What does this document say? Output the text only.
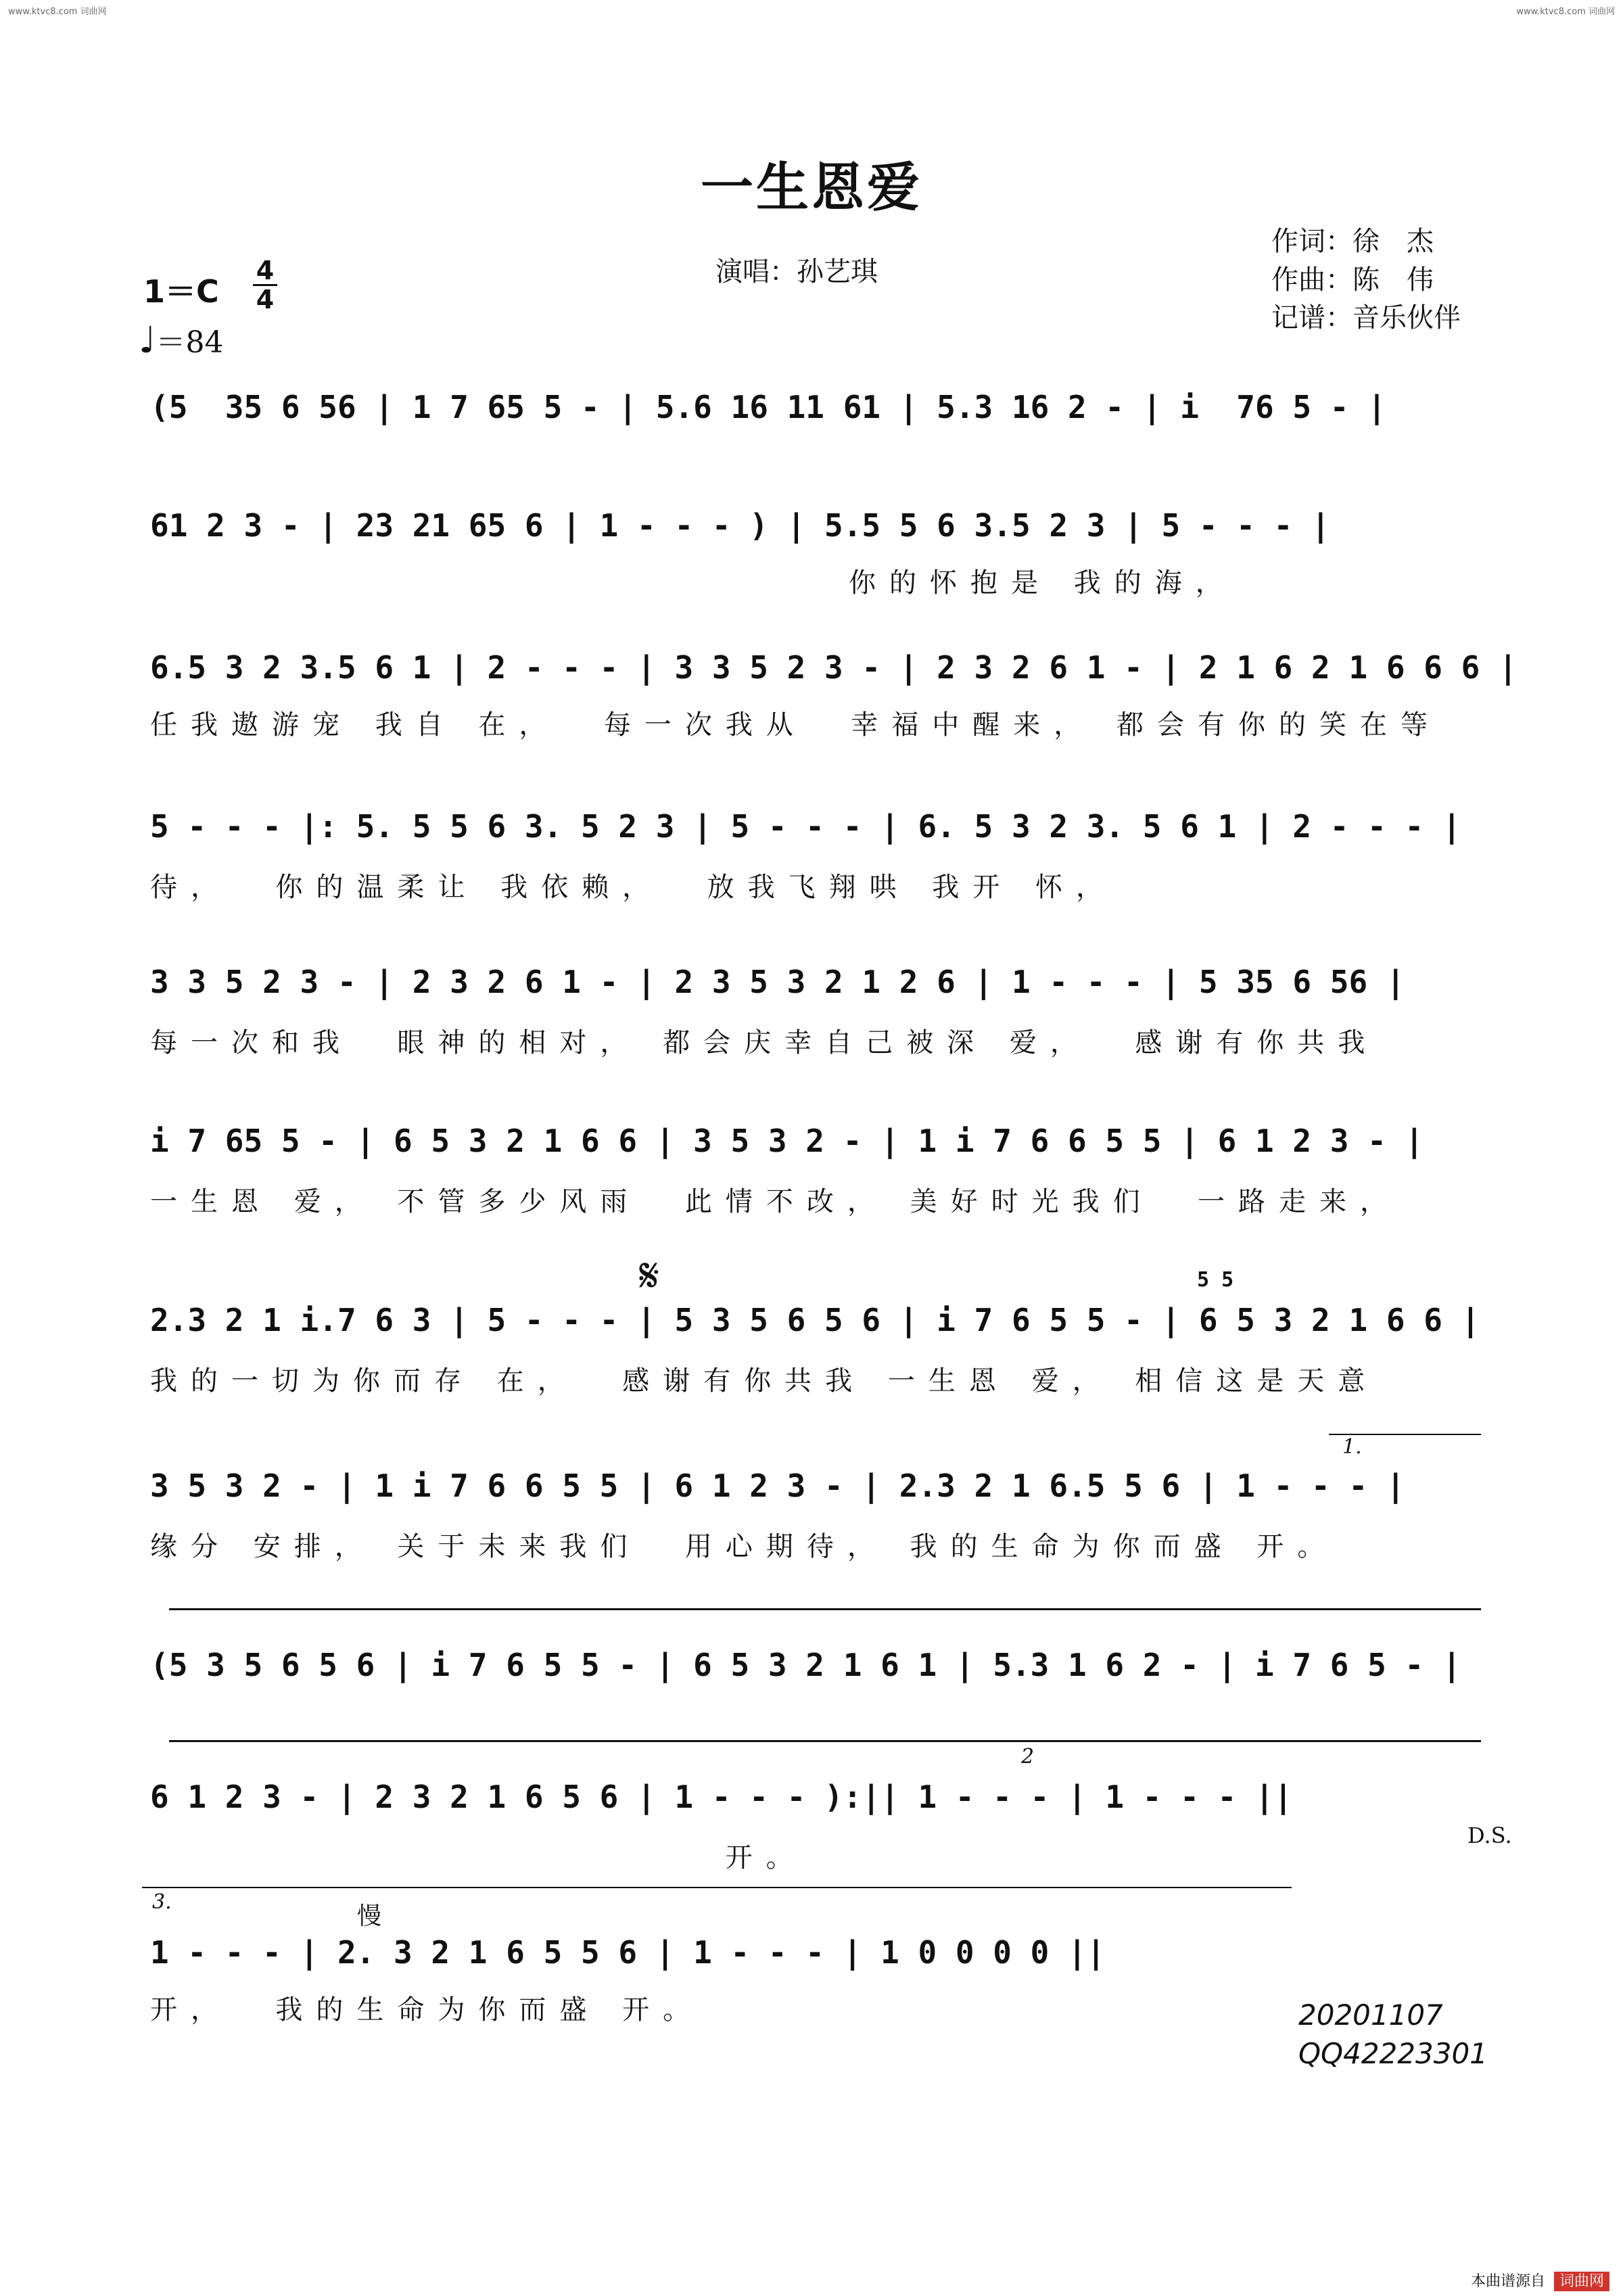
www.ktvc8.com 词曲网	www.ktvc8.com 词曲网
一生恩爱
演唱：孙艺琪
作词：徐　杰
作曲：陈　伟
记谱：音乐伙伴
1＝C
4
4
♩＝84
(5  35 6 56 | 1 7 65 5 - | 5.6 16 11 61 | 5.3 16 2 - | i  76 5 - |
61 2 3 - | 23 21 65 6 | 1 - - - ) | 5.5 5 6 3.5 2 3 | 5 - - - |
你的怀抱是 我的海，
6.5 3 2 3.5 6 1 | 2 - - - | 3 3 5 2 3 - | 2 3 2 6 1 - | 2 1 6 2 1 6 6 6 |
任我遨游宠 我自 在，  每一次我从  幸福中醒来， 都会有你的笑在等
5 - - - |: 5. 5 5 6 3. 5 2 3 | 5 - - - | 6. 5 3 2 3. 5 6 1 | 2 - - - |
待，  你的温柔让 我依赖，  放我飞翔哄 我开 怀，
3 3 5 2 3 - | 2 3 2 6 1 - | 2 3 5 3 2 1 2 6 | 1 - - - | 5 35 6 56 |
每一次和我  眼神的相对， 都会庆幸自己被深 爱，  感谢有你共我
i 7 65 5 - | 6 5 3 2 1 6 6 | 3 5 3 2 - | 1 i 7 6 6 5 5 | 6 1 2 3 - |
一生恩 爱， 不管多少风雨  此情不改， 美好时光我们  一路走来，
𝄋	5 5
2.3 2 1 i.7 6 3 | 5 - - - | 5 3 5 6 5 6 | i 7 6 5 5 - | 6 5 3 2 1 6 6 |
我的一切为你而存 在，  感谢有你共我 一生恩 爱， 相信这是天意
1.
3 5 3 2 - | 1 i 7 6 6 5 5 | 6 1 2 3 - | 2.3 2 1 6.5 5 6 | 1 - - - |
缘分 安排， 关于未来我们  用心期待， 我的生命为你而盛 开。
(5 3 5 6 5 6 | i 7 6 5 5 - | 6 5 3 2 1 6 1 | 5.3 1 6 2 - | i 7 6 5 - |
2
6 1 2 3 - | 2 3 2 1 6 5 6 | 1 - - - ):|| 1 - - - | 1 - - - ||
开。
D.S.
3.
慢
1 - - - | 2. 3 2 1 6 5 5 6 | 1 - - - | 1 0 0 0 0 ||
开，  我的生命为你而盛 开。	20201107
QQ42223301
本曲谱源自 词曲网
